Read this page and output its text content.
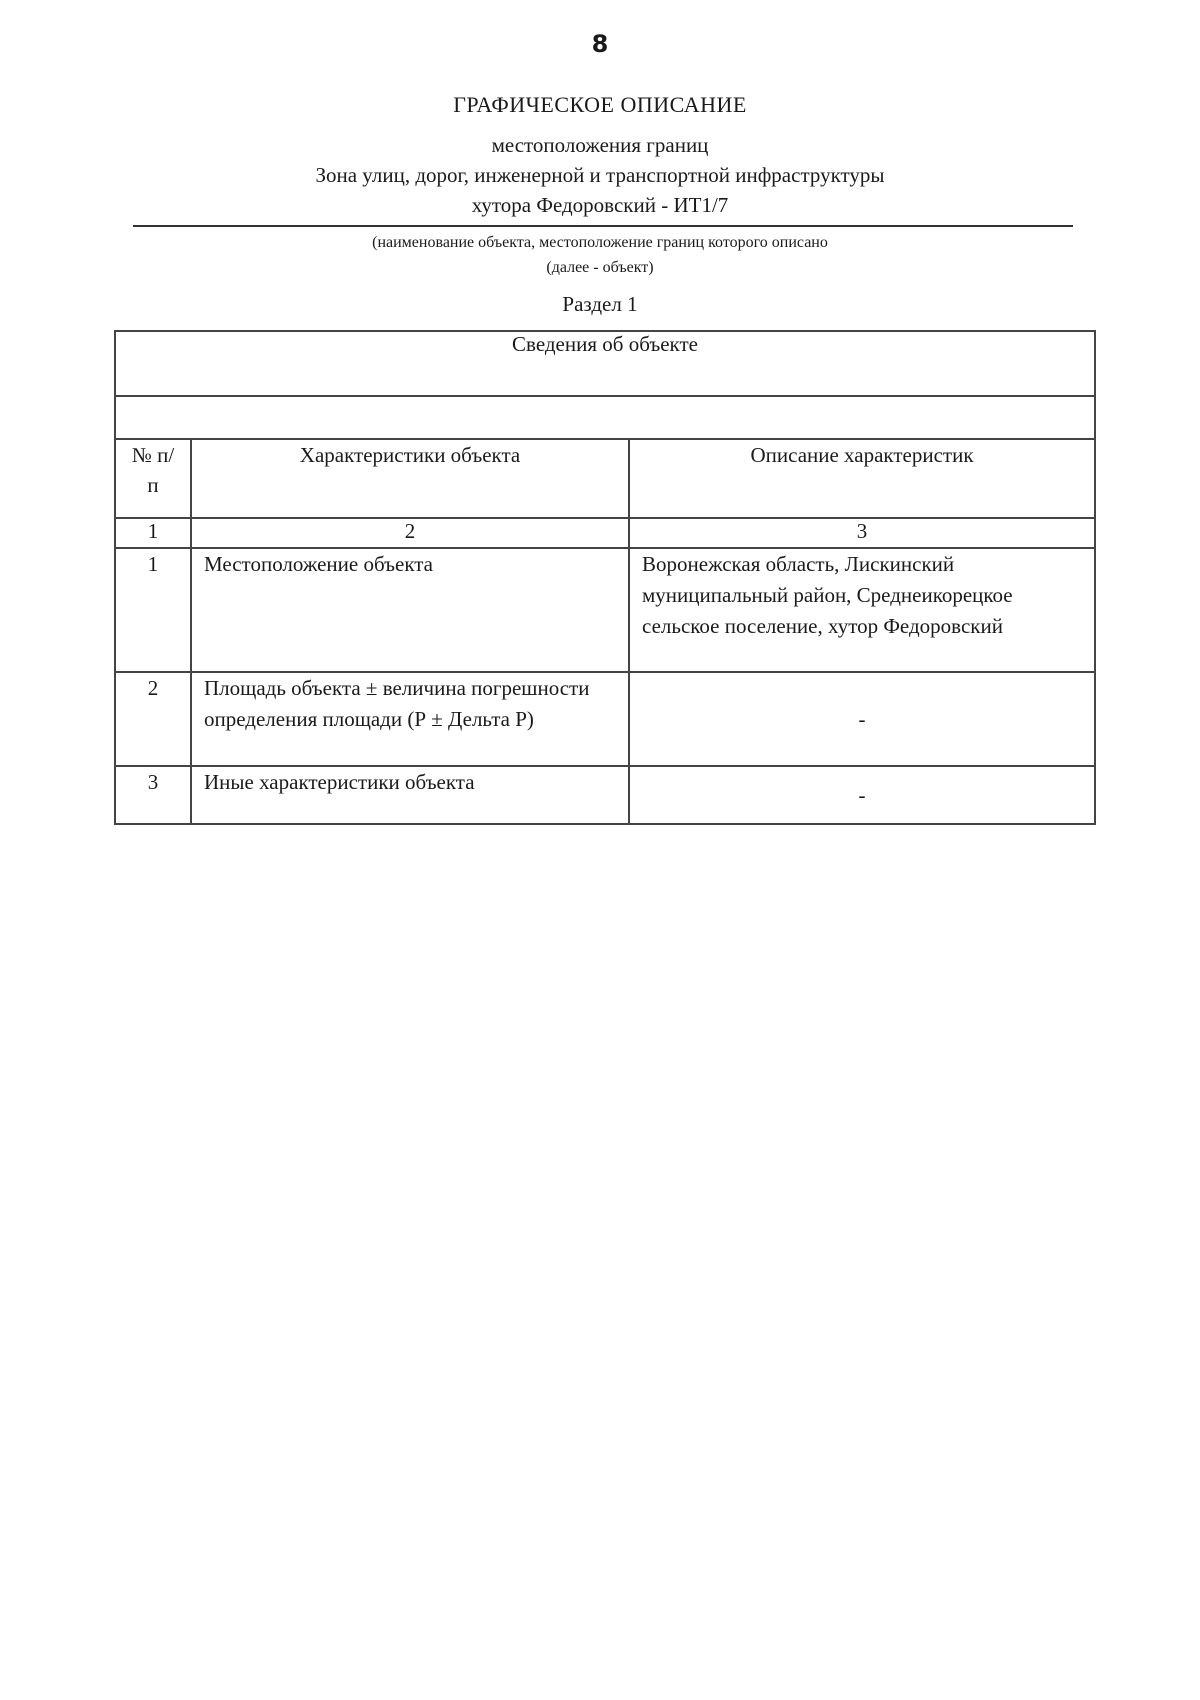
8
ГРАФИЧЕСКОЕ ОПИСАНИЕ
местоположения границ
Зона улиц, дорог, инженерной и транспортной инфраструктуры
хутора Федоровский - ИТ1/7
(наименование объекта, местоположение границ которого описано
(далее - объект)
Раздел 1
Сведения об объекте		

№ п/п	Характеристики объекта	Описание характеристик
1	2	3
1	Местоположение объекта	Воронежская область, Лискинский муниципальный район, Среднеикорецкое сельское поселение, хутор Федоровский
2	Площадь объекта ± величина погрешности определения площади (Р ± Дельта Р)	-
3	Иные характеристики объекта	-
